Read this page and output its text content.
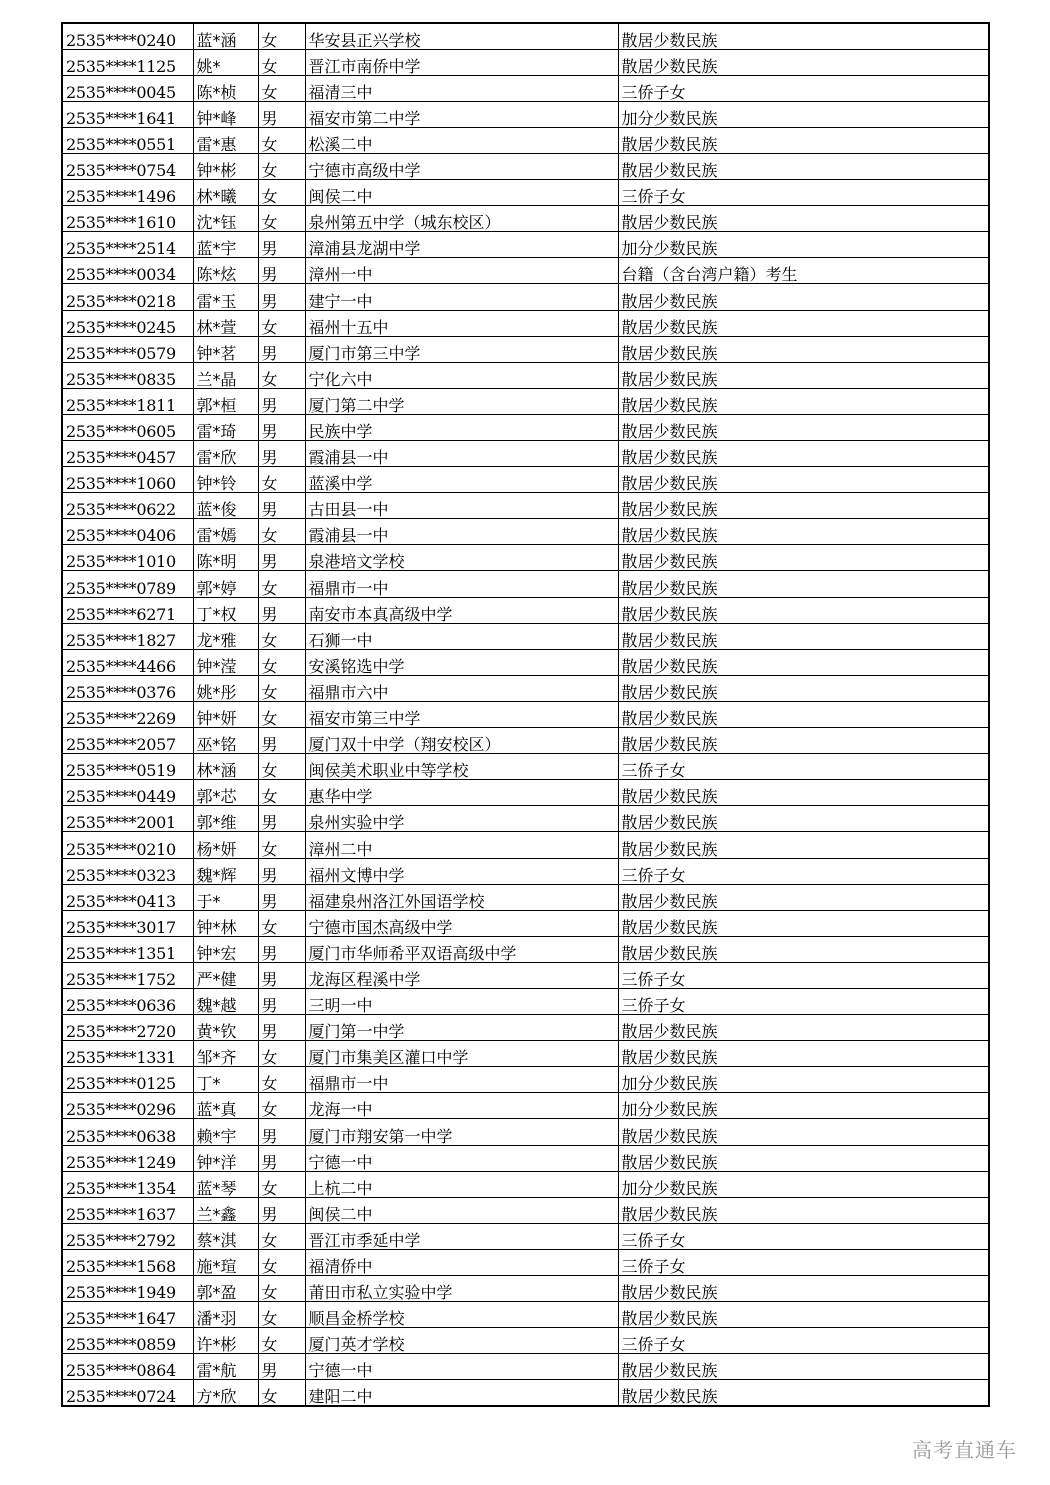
2535****0240	蓝*涵	女	华安县正兴学校	散居少数民族
2535****1125	姚*	女	晋江市南侨中学	散居少数民族
2535****0045	陈*桢	女	福清三中	三侨子女
2535****1641	钟*峰	男	福安市第二中学	加分少数民族
2535****0551	雷*惠	女	松溪二中	散居少数民族
2535****0754	钟*彬	女	宁德市高级中学	散居少数民族
2535****1496	林*曦	女	闽侯二中	三侨子女
2535****1610	沈*钰	女	泉州第五中学（城东校区）	散居少数民族
2535****2514	蓝*宇	男	漳浦县龙湖中学	加分少数民族
2535****0034	陈*炫	男	漳州一中	台籍（含台湾户籍）考生
2535****0218	雷*玉	男	建宁一中	散居少数民族
2535****0245	林*萱	女	福州十五中	散居少数民族
2535****0579	钟*茗	男	厦门市第三中学	散居少数民族
2535****0835	兰*晶	女	宁化六中	散居少数民族
2535****1811	郭*桓	男	厦门第二中学	散居少数民族
2535****0605	雷*琦	男	民族中学	散居少数民族
2535****0457	雷*欣	男	霞浦县一中	散居少数民族
2535****1060	钟*铃	女	蓝溪中学	散居少数民族
2535****0622	蓝*俊	男	古田县一中	散居少数民族
2535****0406	雷*嫣	女	霞浦县一中	散居少数民族
2535****1010	陈*明	男	泉港培文学校	散居少数民族
2535****0789	郭*婷	女	福鼎市一中	散居少数民族
2535****6271	丁*权	男	南安市本真高级中学	散居少数民族
2535****1827	龙*雅	女	石狮一中	散居少数民族
2535****4466	钟*滢	女	安溪铭选中学	散居少数民族
2535****0376	姚*彤	女	福鼎市六中	散居少数民族
2535****2269	钟*妍	女	福安市第三中学	散居少数民族
2535****2057	巫*铭	男	厦门双十中学（翔安校区）	散居少数民族
2535****0519	林*涵	女	闽侯美术职业中等学校	三侨子女
2535****0449	郭*芯	女	惠华中学	散居少数民族
2535****2001	郭*维	男	泉州实验中学	散居少数民族
2535****0210	杨*妍	女	漳州二中	散居少数民族
2535****0323	魏*辉	男	福州文博中学	三侨子女
2535****0413	于*	男	福建泉州洛江外国语学校	散居少数民族
2535****3017	钟*林	女	宁德市国杰高级中学	散居少数民族
2535****1351	钟*宏	男	厦门市华师希平双语高级中学	散居少数民族
2535****1752	严*健	男	龙海区程溪中学	三侨子女
2535****0636	魏*越	男	三明一中	三侨子女
2535****2720	黄*钦	男	厦门第一中学	散居少数民族
2535****1331	邹*齐	女	厦门市集美区灌口中学	散居少数民族
2535****0125	丁*	女	福鼎市一中	加分少数民族
2535****0296	蓝*真	女	龙海一中	加分少数民族
2535****0638	赖*宇	男	厦门市翔安第一中学	散居少数民族
2535****1249	钟*洋	男	宁德一中	散居少数民族
2535****1354	蓝*琴	女	上杭二中	加分少数民族
2535****1637	兰*鑫	男	闽侯二中	散居少数民族
2535****2792	蔡*淇	女	晋江市季延中学	三侨子女
2535****1568	施*瑄	女	福清侨中	三侨子女
2535****1949	郭*盈	女	莆田市私立实验中学	散居少数民族
2535****1647	潘*羽	女	顺昌金桥学校	散居少数民族
2535****0859	许*彬	女	厦门英才学校	三侨子女
2535****0864	雷*航	男	宁德一中	散居少数民族
2535****0724	方*欣	女	建阳二中	散居少数民族
高考直通车
